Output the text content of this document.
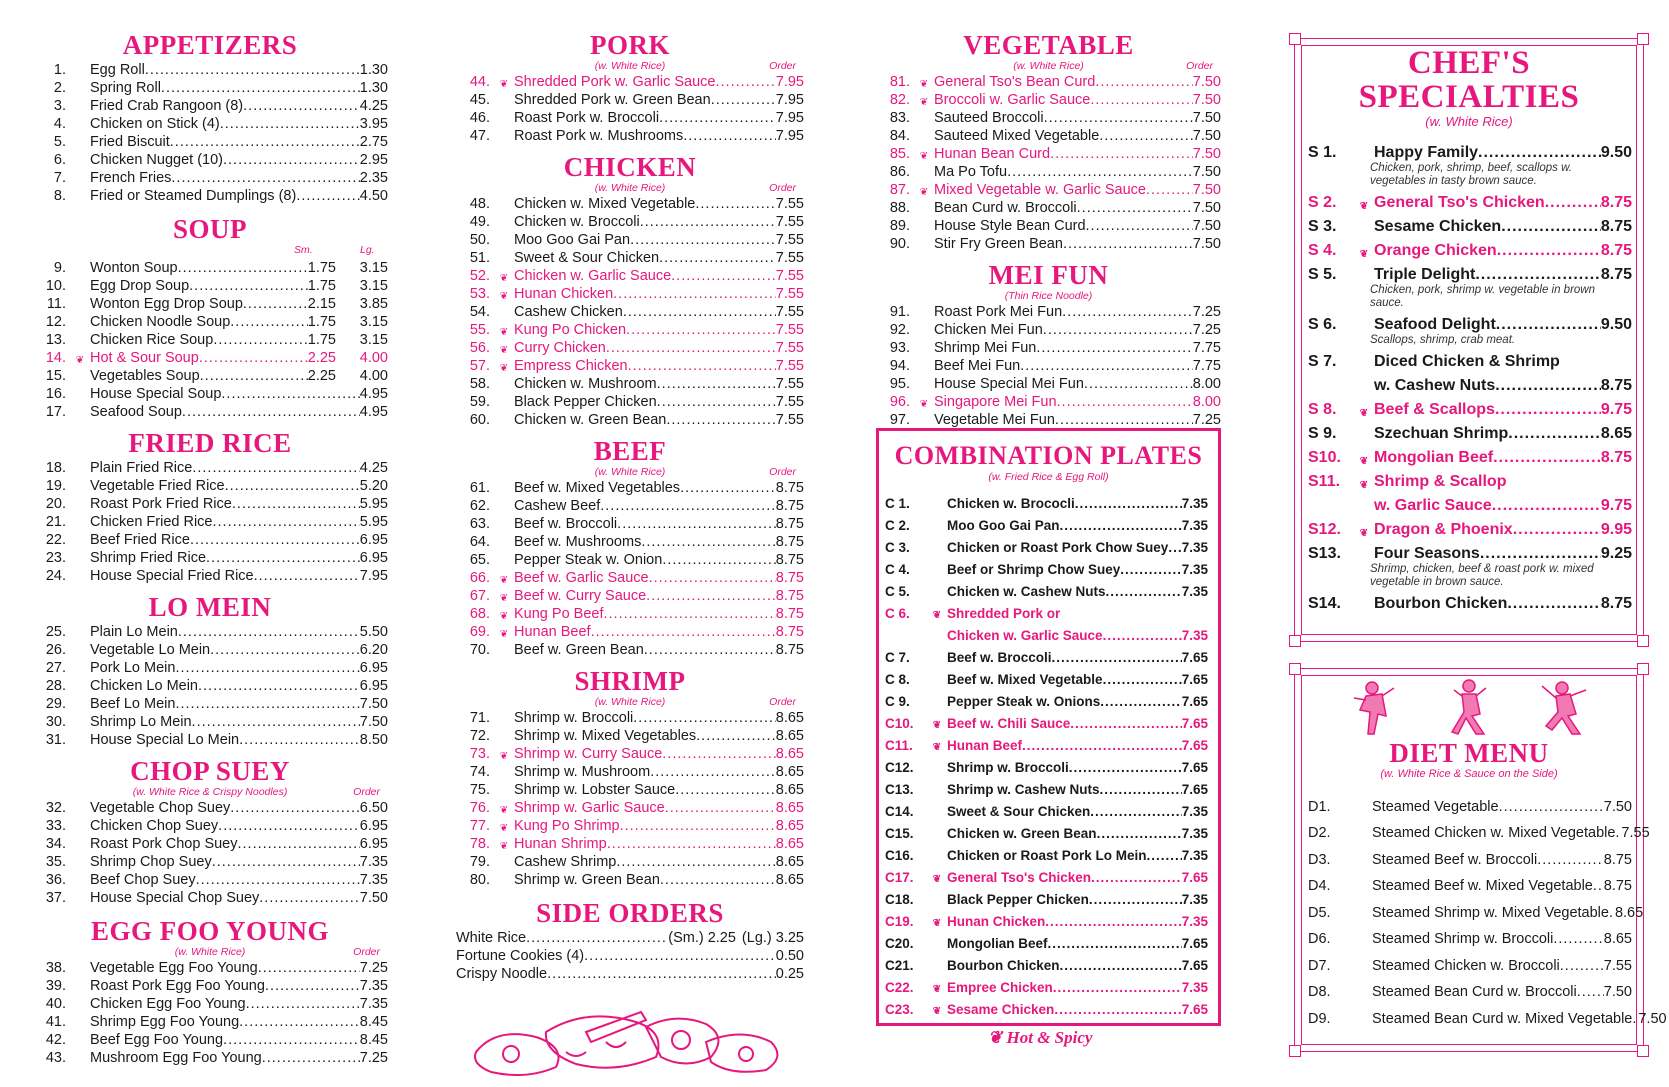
APPETIZERS
1. Egg Roll .....	1.30
2. Spring Roll .....	1.30
3. Fried Crab Rangoon (8) .....	4.25
4. Chicken on Stick (4) .....	3.95
5. Fried Biscuit .....	2.75
6. Chicken Nugget (10) .....	2.95
7. French Fries .....	2.35
8. Fried or Steamed Dumplings (8) .....	4.50
SOUP
Sm.	Lg.
9. Wonton Soup .....	1.75	3.15
10. Egg Drop Soup .....	1.75	3.15
11. Wonton Egg Drop Soup .....	2.15	3.85
12. Chicken Noodle Soup .....	1.75	3.15
13. Chicken Rice Soup .....	1.75	3.15
14. ❦ Hot & Sour Soup .....	2.25	4.00
15. Vegetables Soup .....	2.25	4.00
16. House Special Soup .....	4.95
17. Seafood Soup .....	4.95
FRIED RICE
18. Plain Fried Rice .....	4.25
19. Vegetable Fried Rice .....	5.20
20. Roast Pork Fried Rice .....	5.95
21. Chicken Fried Rice .....	5.95
22. Beef Fried Rice .....	6.95
23. Shrimp Fried Rice .....	6.95
24. House Special Fried Rice .....	7.95
LO MEIN
25. Plain Lo Mein .....	5.50
26. Vegetable Lo Mein .....	6.20
27. Pork Lo Mein .....	6.95
28. Chicken Lo Mein .....	6.95
29. Beef Lo Mein .....	7.50
30. Shrimp Lo Mein .....	7.50
31. House Special Lo Mein .....	8.50
CHOP SUEY
(w. White Rice & Crispy Noodles)	Order
32. Vegetable Chop Suey .....	6.50
33. Chicken Chop Suey .....	6.95
34. Roast Pork Chop Suey .....	6.95
35. Shrimp Chop Suey .....	7.35
36. Beef Chop Suey .....	7.35
37. House Special Chop Suey .....	7.50
EGG FOO YOUNG
(w. White Rice)	Order
38. Vegetable Egg Foo Young .....	7.25
39. Roast Pork Egg Foo Young .....	7.35
40. Chicken Egg Foo Young .....	7.35
41. Shrimp Egg Foo Young .....	8.45
42. Beef Egg Foo Young .....	8.45
43. Mushroom Egg Foo Young .....	7.25
PORK
(w. White Rice)	Order
44. ❦ Shredded Pork w. Garlic Sauce .....	7.95
45. Shredded Pork w. Green Bean .....	7.95
46. Roast Pork w. Broccoli .....	7.95
47. Roast Pork w. Mushrooms .....	7.95
CHICKEN
(w. White Rice)	Order
48. Chicken w. Mixed Vegetable .....	7.55
49. Chicken w. Broccoli .....	7.55
50. Moo Goo Gai Pan .....	7.55
51. Sweet & Sour Chicken .....	7.55
52. ❦ Chicken w. Garlic Sauce .....	7.55
53. ❦ Hunan Chicken .....	7.55
54. Cashew Chicken .....	7.55
55. ❦ Kung Po Chicken .....	7.55
56. ❦ Curry Chicken .....	7.55
57. ❦ Empress Chicken .....	7.55
58. Chicken w. Mushroom .....	7.55
59. Black Pepper Chicken .....	7.55
60. Chicken w. Green Bean .....	7.55
BEEF
(w. White Rice)	Order
61. Beef w. Mixed Vegetables .....	8.75
62. Cashew Beef .....	8.75
63. Beef w. Broccoli .....	8.75
64. Beef w. Mushrooms .....	8.75
65. Pepper Steak w. Onion .....	8.75
66. ❦ Beef w. Garlic Sauce .....	8.75
67. ❦ Beef w. Curry Sauce .....	8.75
68. ❦ Kung Po Beef .....	8.75
69. ❦ Hunan Beef .....	8.75
70. Beef w. Green Bean .....	8.75
SHRIMP
(w. White Rice)	Order
71. Shrimp w. Broccoli .....	8.65
72. Shrimp w. Mixed Vegetables .....	8.65
73. ❦ Shrimp w. Curry Sauce .....	8.65
74. Shrimp w. Mushroom .....	8.65
75. Shrimp w. Lobster Sauce .....	8.65
76. ❦ Shrimp w. Garlic Sauce .....	8.65
77. ❦ Kung Po Shrimp .....	8.65
78. ❦ Hunan Shrimp .....	8.65
79. Cashew Shrimp .....	8.65
80. Shrimp w. Green Bean .....	8.65
SIDE ORDERS
White Rice .....	(Sm.) 2.25 (Lg.) 3.25
Fortune Cookies (4) .....	0.50
Crispy Noodle .....	0.25
VEGETABLE
(w. White Rice)	Order
81. ❦ General Tso's Bean Curd .....	7.50
82. ❦ Broccoli w. Garlic Sauce .....	7.50
83. Sauteed Broccoli .....	7.50
84. Sauteed Mixed Vegetable .....	7.50
85. ❦ Hunan Bean Curd .....	7.50
86. Ma Po Tofu .....	7.50
87. ❦ Mixed Vegetable w. Garlic Sauce .....	7.50
88. Bean Curd w. Broccoli .....	7.50
89. House Style Bean Curd .....	7.50
90. Stir Fry Green Bean .....	7.50
MEI FUN
(Thin Rice Noodle)
91. Roast Pork Mei Fun .....	7.25
92. Chicken Mei Fun .....	7.25
93. Shrimp Mei Fun .....	7.75
94. Beef Mei Fun .....	7.75
95. House Special Mei Fun .....	8.00
96. ❦ Singapore Mei Fun .....	8.00
97. Vegetable Mei Fun .....	7.25
COMBINATION PLATES
(w. Fried Rice & Egg Roll)
C 1.	Chicken w. Brococli .....	7.35
C 2.	Moo Goo Gai Pan .....	7.35
C 3.	Chicken or Roast Pork Chow Suey ..... 7.35
C 4.	Beef or Shrimp Chow Suey .....	7.35
C 5.	Chicken w. Cashew Nuts .....	7.35
C 6.	❦ Shredded Pork or
Chicken w. Garlic Sauce .....	7.35
C 7.	Beef w. Broccoli .....	7.65
C 8.	Beef w. Mixed Vegetable .....	7.65
C 9.	Pepper Steak w. Onions .....	7.65
C10.	❦ Beef w. Chili Sauce .....	7.65
C11.	❦ Hunan Beef .....	7.65
C12.	Shrimp w. Broccoli .....	7.65
C13.	Shrimp w. Cashew Nuts .....	7.65
C14.	Sweet & Sour Chicken .....	7.35
C15.	Chicken w. Green Bean .....	7.35
C16.	Chicken or Roast Pork Lo Mein .....	7.35
C17.	❦ General Tso's Chicken .....	7.65
C18.	Black Pepper Chicken .....	7.35
C19.	❦ Hunan Chicken .....	7.35
C20.	Mongolian Beef .....	7.65
C21.	Bourbon Chicken .....	7.65
C22.	❦ Empree Chicken .....	7.35
C23.	❦ Sesame Chicken .....	7.65
❦ Hot & Spicy
CHEF'S
SPECIALTIES
(w. White Rice)
S 1.	Happy Family .....	9.50
Chicken, pork, shrimp, beef, scallops w. vegetables in tasty brown sauce.
S 2.	❦ General Tso's Chicken .....	8.75
S 3.	Sesame Chicken .....	8.75
S 4.	❦ Orange Chicken .....	8.75
S 5.	Triple Delight .....	8.75
Chicken, pork, shrimp w. vegetable in brown sauce.
S 6.	Seafood Delight .....	9.50
Scallops, shrimp, crab meat.
S 7.	Diced Chicken & Shrimp
w. Cashew Nuts .....	8.75
S 8.	❦ Beef & Scallops .....	9.75
S 9.	Szechuan Shrimp .....	8.65
S10.	❦ Mongolian Beef .....	8.75
S11.	❦ Shrimp & Scallop
w. Garlic Sauce .....	9.75
S12.	❦ Dragon & Phoenix .....	9.95
S13.	Four Seasons .....	9.25
Shrimp, chicken, beef & roast pork w. mixed vegetable in brown sauce.
S14.	Bourbon Chicken .....	8.75
DIET MENU
(w. White Rice & Sauce on the Side)
D1.	Steamed Vegetable .....	7.50
D2.	Steamed Chicken w. Mixed Vegetable ..... 7.55
D3.	Steamed Beef w. Broccoli .....	8.75
D4.	Steamed Beef w. Mixed Vegetable ..... 8.75
D5.	Steamed Shrimp w. Mixed Vegetable ..... 8.65
D6.	Steamed Shrimp w. Broccoli .....	8.65
D7.	Steamed Chicken w. Broccoli .....	7.55
D8.	Steamed Bean Curd w. Broccoli ..... 7.50
D9.	Steamed Bean Curd w. Mixed Vegetable ..... 7.50
